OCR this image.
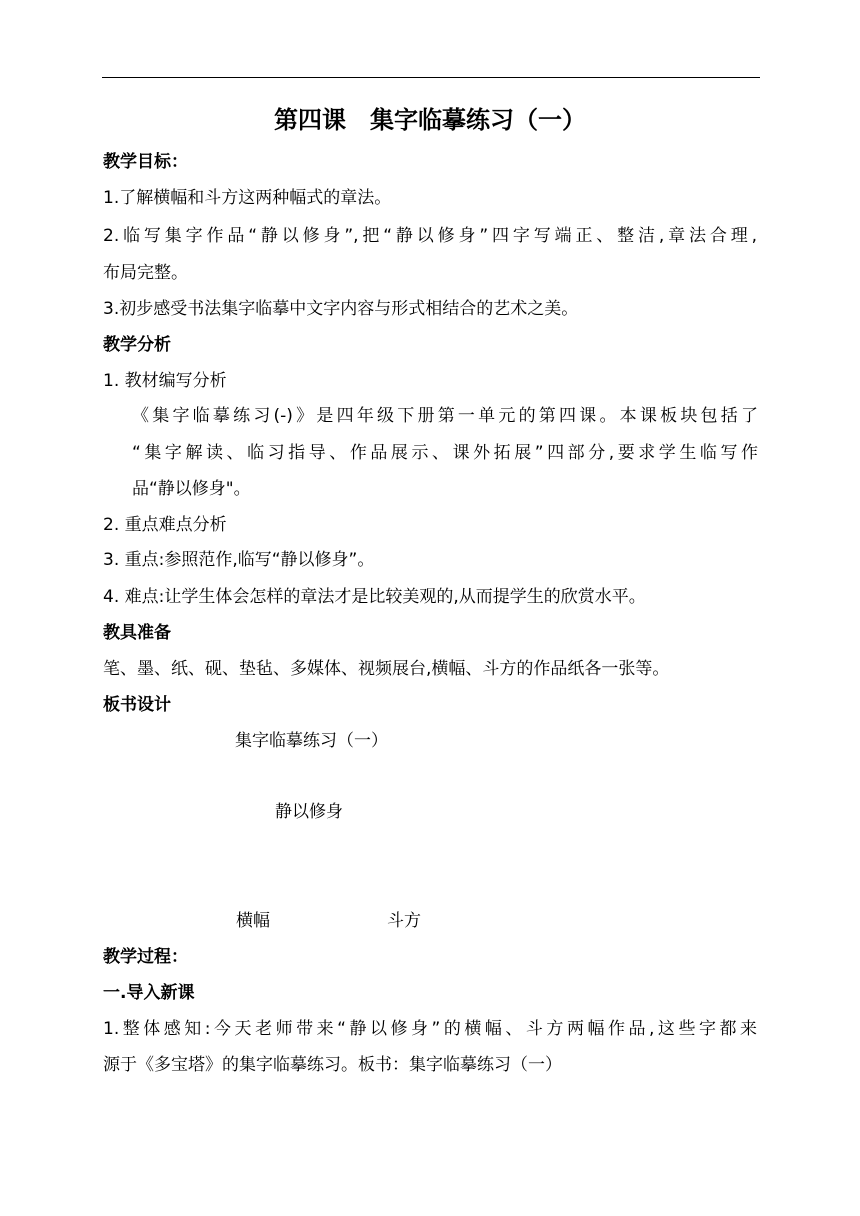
第四课　集字临摹练习（一）
教学目标：
1.了解横幅和斗方这两种幅式的章法。
2.临写集字作品“静以修身”,把“静以修身”四字写端正、整洁,章法合理,
布局完整。
3.初步感受书法集字临摹中文字内容与形式相结合的艺术之美。
教学分析
1. 教材编写分析
《集字临摹练习(-)》是四年级下册第一单元的第四课。本课板块包括了
“集字解读、临习指导、作品展示、课外拓展”四部分,要求学生临写作
品“静以修身"。
2. 重点难点分析
3. 重点:参照范作,临写“静以修身”。
4. 难点:让学生体会怎样的章法才是比较美观的,从而提学生的欣赏水平。
教具准备
笔、墨、纸、砚、垫毡、多媒体、视频展台,横幅、斗方的作品纸各一张等。
板书设计
集字临摹练习（一）
静以修身
横幅	斗方
教学过程：
一.导入新课
1.整体感知:今天老师带来“静以修身”的横幅、斗方两幅作品,这些字都来
源于《多宝塔》的集字临摹练习。板书：集字临摹练习（一）
